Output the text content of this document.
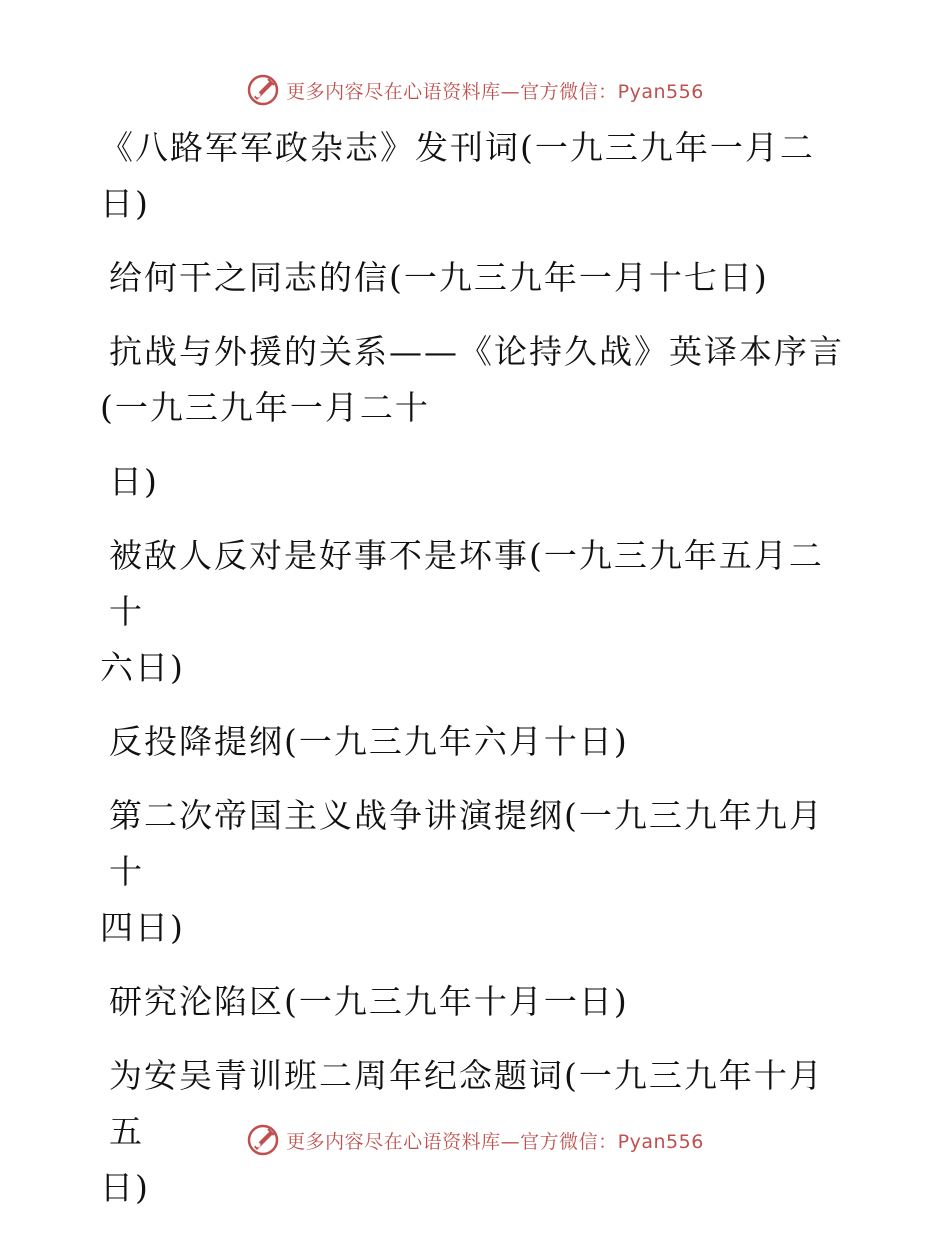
更多内容尽在心语资料库—官方微信：Pyan556
《八路军军政杂志》发刊词(一九三九年一月二
日)
给何干之同志的信(一九三九年一月十七日)
抗战与外援的关系——《论持久战》英译本序言
(一九三九年一月二十
日)
被敌人反对是好事不是坏事(一九三九年五月二十
六日)
反投降提纲(一九三九年六月十日)
第二次帝国主义战争讲演提纲(一九三九年九月十
四日)
研究沦陷区(一九三九年十月一日)
为安吴青训班二周年纪念题词(一九三九年十月五
日)
更多内容尽在心语资料库—官方微信：Pyan556
